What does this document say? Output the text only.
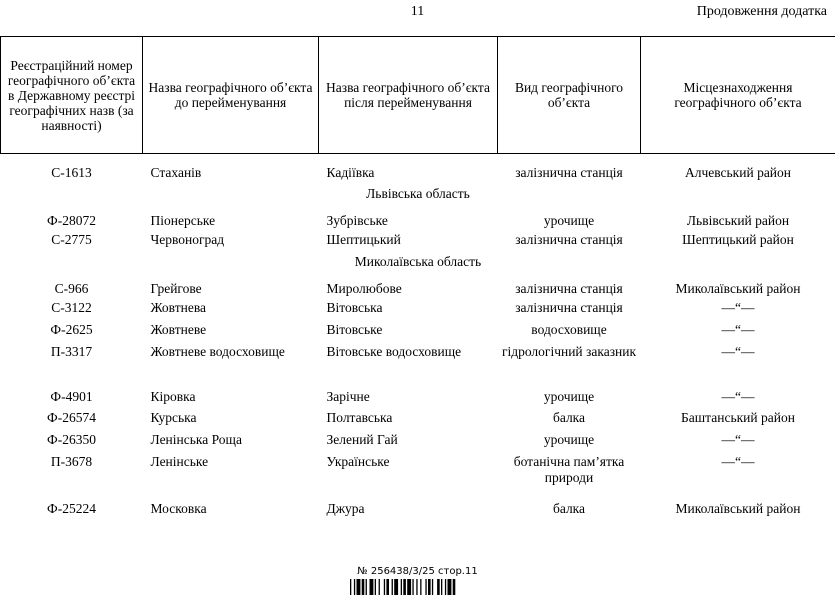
11	Продовження додатка
Реєстраційний номер географічного об’єкта в Державному реєстрі географічних назв (за наявності)	Назва географічного об’єкта до перейменування	Назва географічного об’єкта після перейменування	Вид географічного об’єкта	Місцезнаходження географічного об’єкта
С-1613	Стаханів	Кадіївка	залізнична станція	Алчевський район
Львівська область				
Ф-28072	Піонерське	Зубрівське	урочище	Львівський район
С-2775	Червоноград	Шептицький	залізнична станція	Шептицький район
Миколаївська область				
С-966	Грейгове	Миролюбове	залізнична станція	Миколаївський район
С-3122	Жовтнева	Вітовська	залізнична станція	—“—
Ф-2625	Жовтневе	Вітовське	водосховище	—“—
П-3317	Жовтневе водосховище	Вітовське водосховище	гідрологічний заказник	—“—
Ф-4901	Кіровка	Зарічне	урочище	—“—
Ф-26574	Курська	Полтавська	балка	Баштанський район
Ф-26350	Ленінська Роща	Зелений Гай	урочище	—“—
П-3678	Ленінське	Українське	ботанічна пам’ятка природи	—“—
Ф-25224	Московка	Джура	балка	Миколаївський район
№ 256438/3/25 стор.11
